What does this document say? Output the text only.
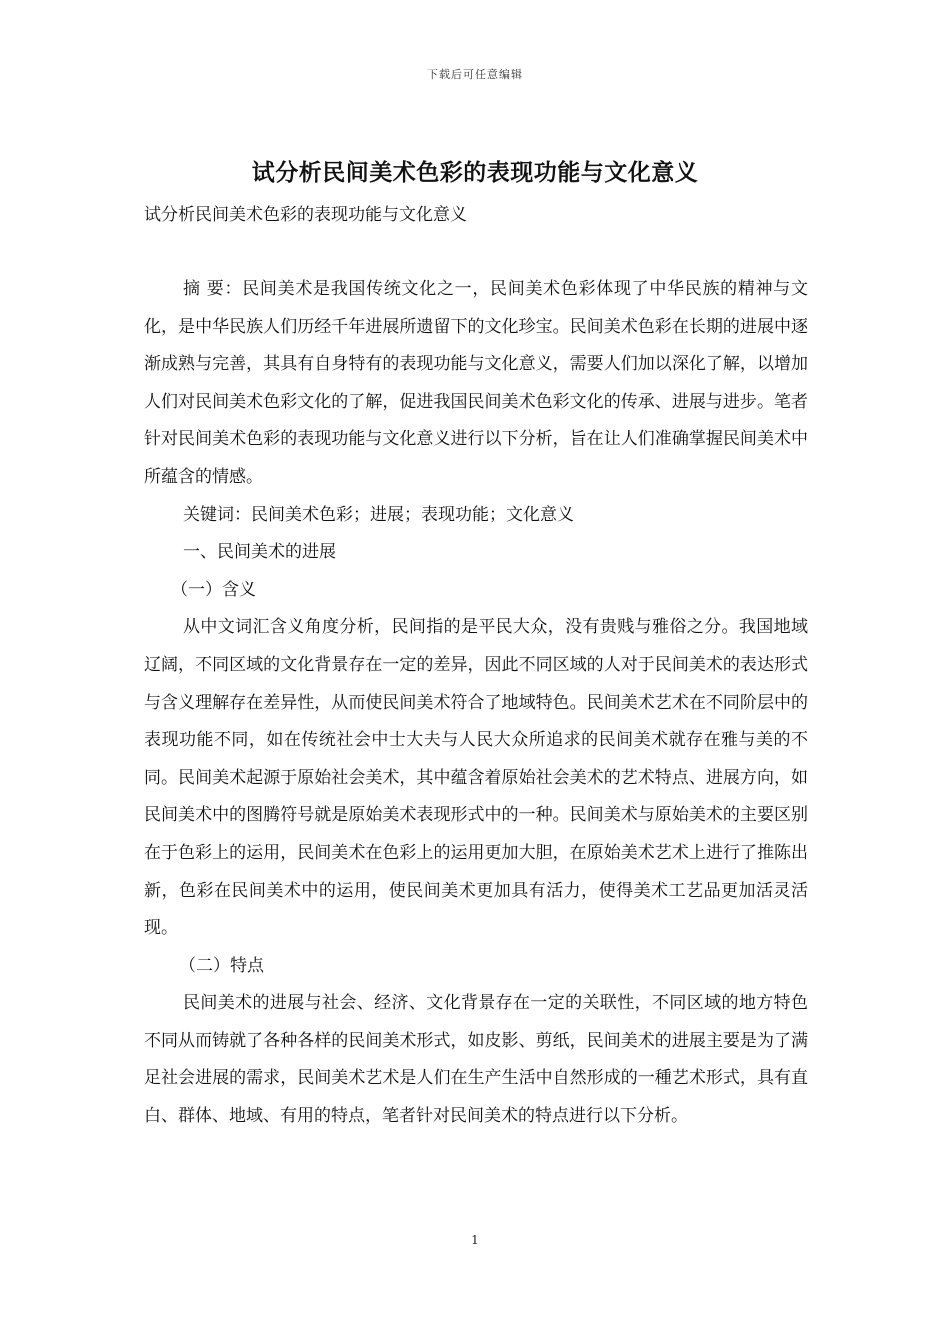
下载后可任意编辑
试分析民间美术色彩的表现功能与文化意义

试分析民间美术色彩的表现功能与文化意义

摘 要：民间美术是我国传统文化之一，民间美术色彩体现了中华民族的精神与文化，是中华民族人们历经千年进展所遗留下的文化珍宝。民间美术色彩在长期的进展中逐渐成熟与完善，其具有自身特有的表现功能与文化意义，需要人们加以深化了解，以增加人们对民间美术色彩文化的了解，促进我国民间美术色彩文化的传承、进展与进步。笔者针对民间美术色彩的表现功能与文化意义进行以下分析，旨在让人们准确掌握民间美术中所蕴含的情感。

关键词：民间美术色彩；进展；表现功能；文化意义

一、民间美术的进展

（一）含义

从中文词汇含义角度分析，民间指的是平民大众，没有贵贱与雅俗之分。我国地域辽阔，不同区域的文化背景存在一定的差异，因此不同区域的人对于民间美术的表达形式与含义理解存在差异性，从而使民间美术符合了地域特色。民间美术艺术在不同阶层中的表现功能不同，如在传统社会中士大夫与人民大众所追求的民间美术就存在雅与美的不同。民间美术起源于原始社会美术，其中蕴含着原始社会美术的艺术特点、进展方向，如民间美术中的图腾符号就是原始美术表现形式中的一种。民间美术与原始美术的主要区别在于色彩上的运用，民间美术在色彩上的运用更加大胆，在原始美术艺术上进行了推陈出新，色彩在民间美术中的运用，使民间美术更加具有活力，使得美术工艺品更加活灵活现。

（二）特点

民间美术的进展与社会、经济、文化背景存在一定的关联性，不同区域的地方特色不同从而铸就了各种各样的民间美术形式，如皮影、剪纸，民间美术的进展主要是为了满足社会进展的需求，民间美术艺术是人们在生产生活中自然形成的一種艺术形式，具有直白、群体、地域、有用的特点，笔者针对民间美术的特点进行以下分析。

1
